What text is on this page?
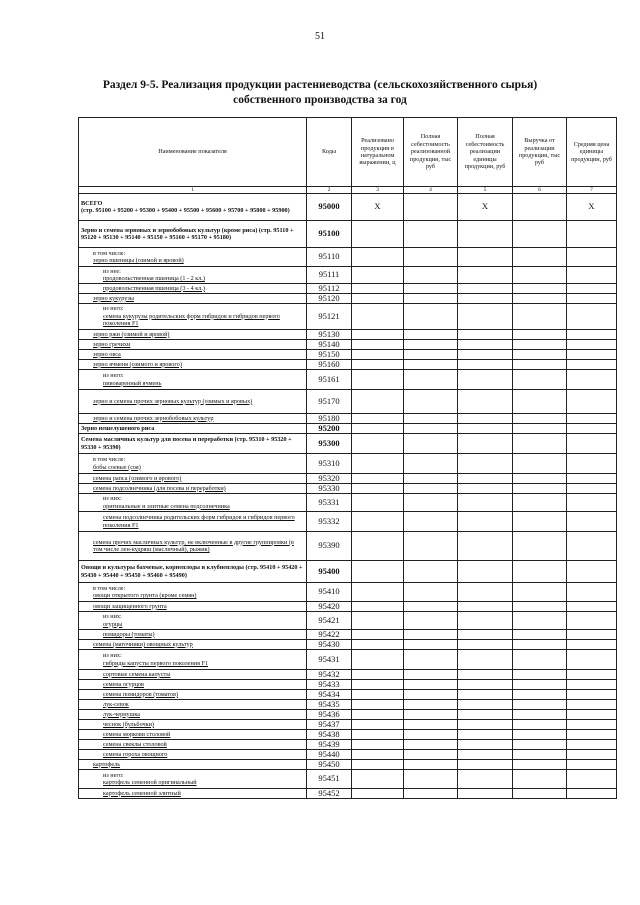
51
Раздел 9-5. Реализация продукции растениеводства (сельскохозяйственного сырья)
собственного производства за год
Наименование показателя	Коды	Реализовано продукции в натуральном выражении, ц	Полная себестоимость реализованной продукции, тыс руб	Полная себестоимость реализации единицы продукции, руб	Выручка от реализации продукции, тыс руб	Средняя цена единицы продукции, руб
1	2	3	4	5	6	7

ВСЕГО
(стр. 95100 + 95200 + 95300 + 95400 + 95500 + 95600 + 95700 + 95800 + 95900)	95000	X		X		X

Зерно и семена зерновых и зернобобовых культур (кроме риса) (стр. 95110 + 95120 + 95130 + 95140 + 95150 + 95160 + 95170 + 95180)	95100					

в том числе:
зерно пшеницы (озимой и яровой)	95110					

из нее:
продовольственная пшеница (1 - 2 кл.)	95111					

продовольственная пшеница (3 - 4 кл.)	95112					

зерно кукурузы	95120					

из него:
семена кукурузы родительских форм гибридов и гибридов первого поколения F1	95121					

зерно ржи (озимой и яровой)	95130					

зерно гречихи	95140					

зерно овса	95150					

зерно ячменя (озимого и ярового)	95160					

из него:
пивоваренный ячмень	95161					

зерно и семена прочих зерновых культур (озимых и яровых)	95170					

зерно и семена прочих зернобобовых культур	95180					

Зерно нешелушеного риса	95200					

Семена масличных культур для посева и переработки (стр. 95310 + 95320 + 95330 + 95390)	95300					

в том числе:
бобы соевые (соя)	95310					

семена рапса (озимого и ярового)	95320					

семена подсолнечника (для посева и переработки)	95330					

из них:
оригинальные и элитные семена подсолнечника	95331					

семена подсолнечника родительских форм гибридов и гибридов первого поколения F1	95332					

семена прочих масличных культур, не включенные в другие группировки (в том числе лен-кудряш (масличный), рыжик)	95390					

Овощи и культуры бахчевые, корнеплоды и клубнеплоды (стр. 95410 + 95420 + 95430 + 95440 + 95450 + 95460 + 95490)	95400					

в том числе:
овощи открытого грунта (кроме семян)	95410					

овощи защищенного грунта	95420					

из них:
огурцы	95421					

помидоры (томаты)	95422					

семена (маточники) овощных культур	95430					

из них:
гибриды капусты первого поколения F1	95431					

сортовые семена капусты	95432					

семена огурцов	95433					

семена помидоров (томатов)	95434					

лук-севок	95435					

лук-чернушка	95436					

чеснок (бульбочки)	95437					

семена моркови столовой	95438					

семена свеклы столовой	95439					

семена гороха овощного	95440					

картофель	95450					

из него:
картофель семенной оригинальный	95451					

картофель семенной элитный	95452					
